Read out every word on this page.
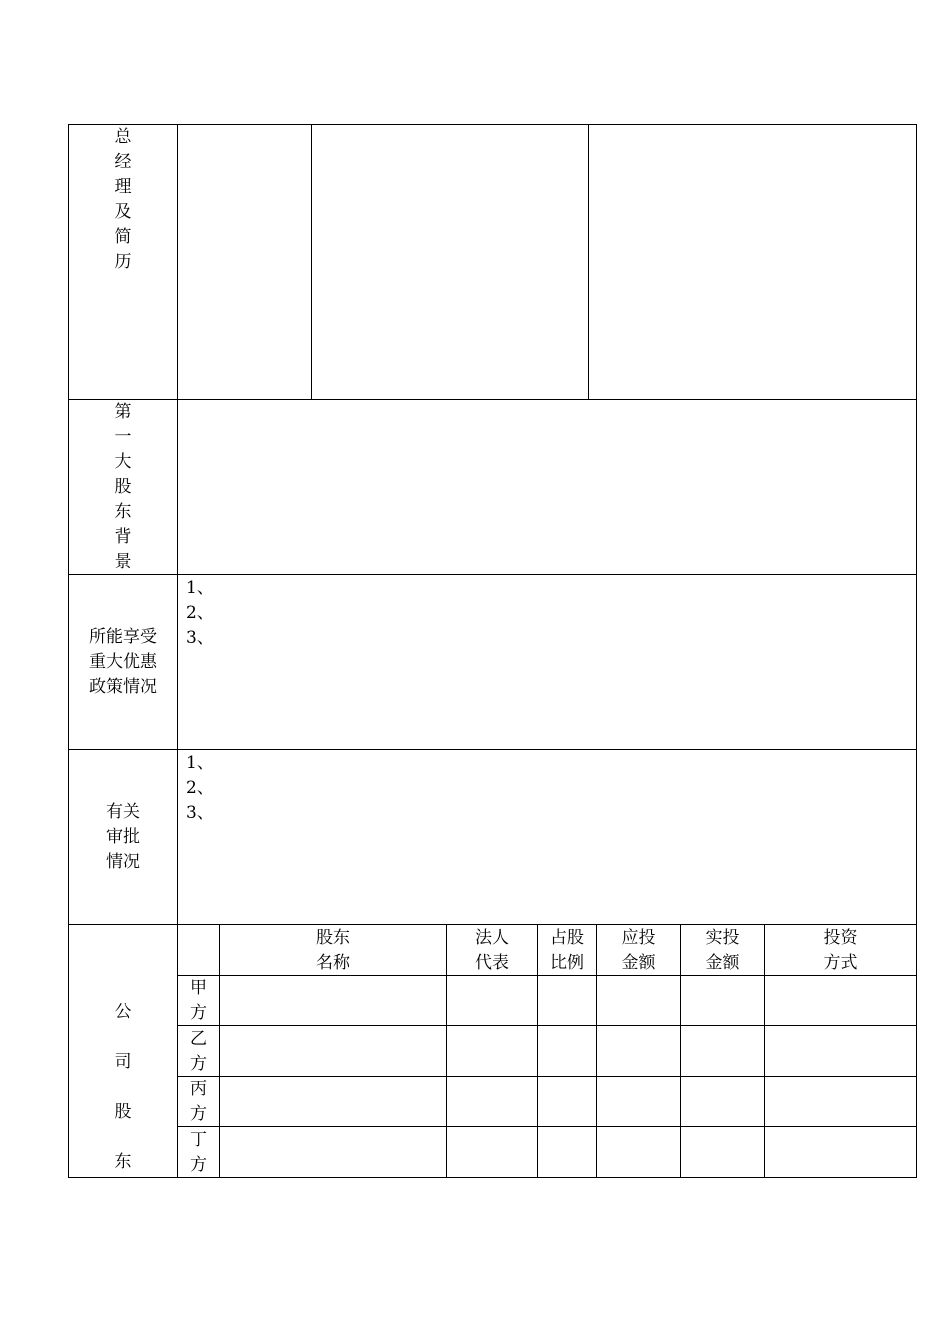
总
经
理
及
简
历
第
一
大
股
东
背
景
所能享受
重大优惠
政策情况
1、
2、
3、
有关
审批
情况
1、
2、
3、
公

司

股

东
股东
名称
法人
代表
占股
比例
应投
金额
实投
金额
投资
方式
甲
方
乙
方
丙
方
丁
方
